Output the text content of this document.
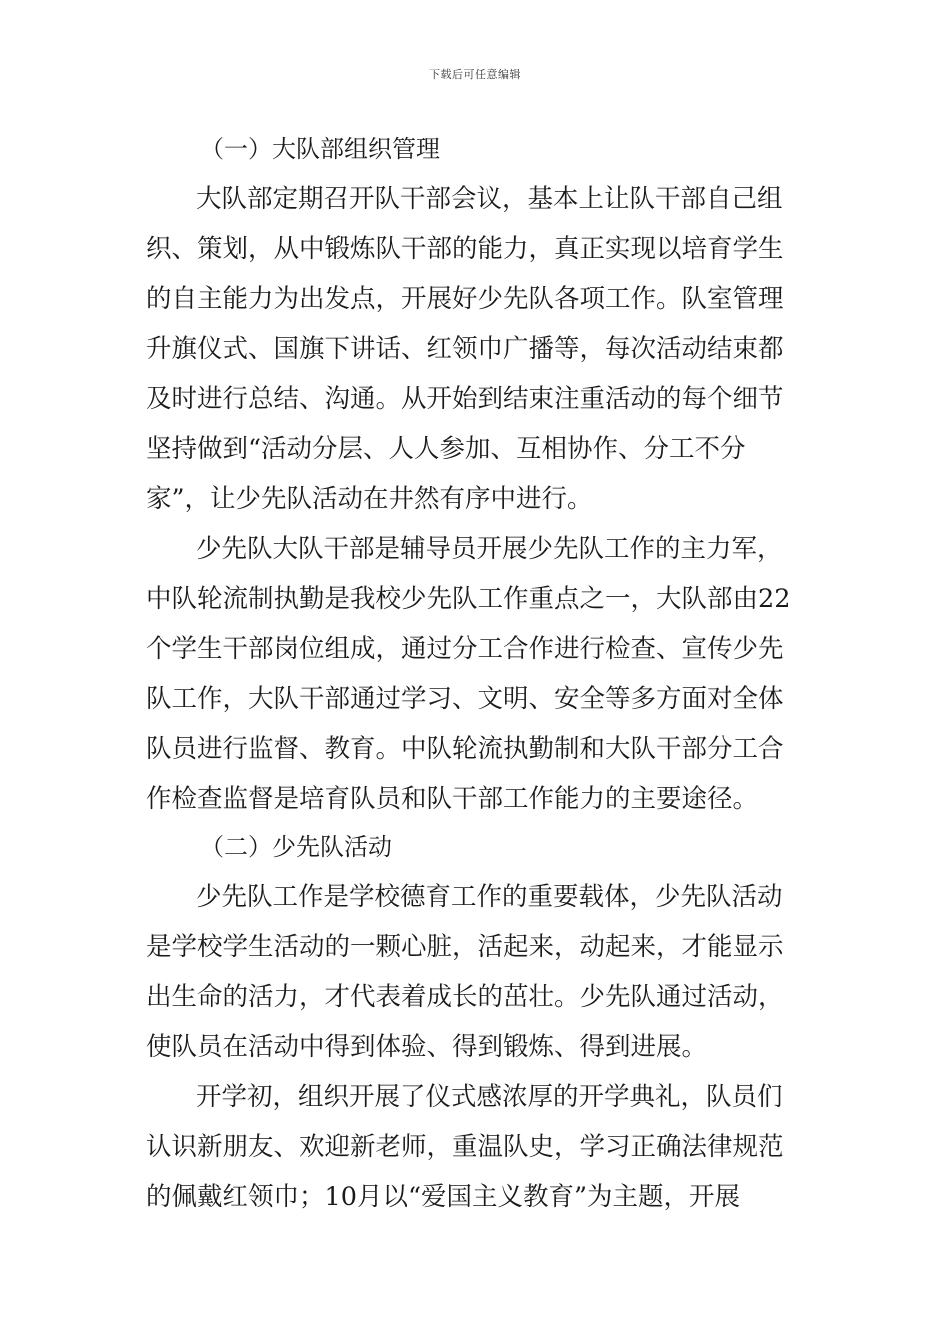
下载后可任意编辑
（一）大队部组织管理
大队部定期召开队干部会议，基本上让队干部自己组
织、策划，从中锻炼队干部的能力，真正实现以培育学生
的自主能力为出发点，开展好少先队各项工作。队室管理
升旗仪式、国旗下讲话、红领巾广播等，每次活动结束都
及时进行总结、沟通。从开始到结束注重活动的每个细节
坚持做到“活动分层、人人参加、互相协作、分工不分
家”，让少先队活动在井然有序中进行。
少先队大队干部是辅导员开展少先队工作的主力军，
中队轮流制执勤是我校少先队工作重点之一，大队部由22
个学生干部岗位组成，通过分工合作进行检查、宣传少先
队工作，大队干部通过学习、文明、安全等多方面对全体
队员进行监督、教育。中队轮流执勤制和大队干部分工合
作检查监督是培育队员和队干部工作能力的主要途径。
（二）少先队活动
少先队工作是学校德育工作的重要载体，少先队活动
是学校学生活动的一颗心脏，活起来，动起来，才能显示
出生命的活力，才代表着成长的茁壮。少先队通过活动，
使队员在活动中得到体验、得到锻炼、得到进展。
开学初，组织开展了仪式感浓厚的开学典礼，队员们
认识新朋友、欢迎新老师，重温队史，学习正确法律规范
的佩戴红领巾；10月以“爱国主义教育”为主题，开展
